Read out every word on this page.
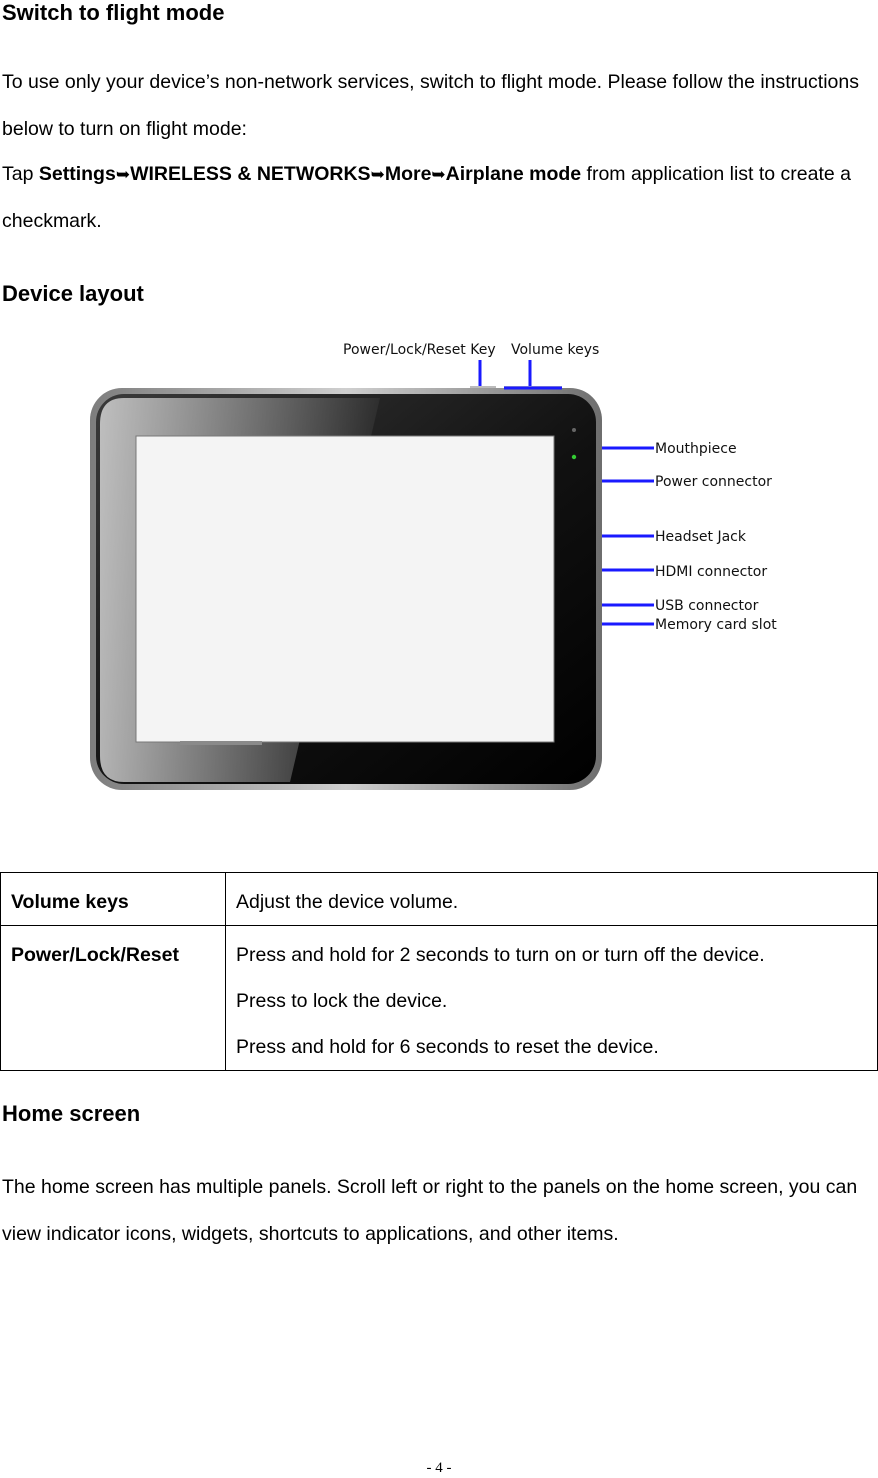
Switch to flight mode

To use only your device’s non-network services, switch to flight mode. Please follow the instructions below to turn on flight mode:

Tap Settings➥WIRELESS & NETWORKS➥More➥Airplane mode from application list to create a checkmark.

Device layout
Power/Lock/Reset Key Volume keys
Mouthpiece
Power connector
Headset Jack
HDMI connector
USB connector
Memory card slot
Volume keys	Adjust the device volume.

Power/Lock/Reset	Press and hold for 2 seconds to turn on or turn off the device.
Press to lock the device.
Press and hold for 6 seconds to reset the device.
Home screen

The home screen has multiple panels. Scroll left or right to the panels on the home screen, you can view indicator icons, widgets, shortcuts to applications, and other items.

- 4 -
